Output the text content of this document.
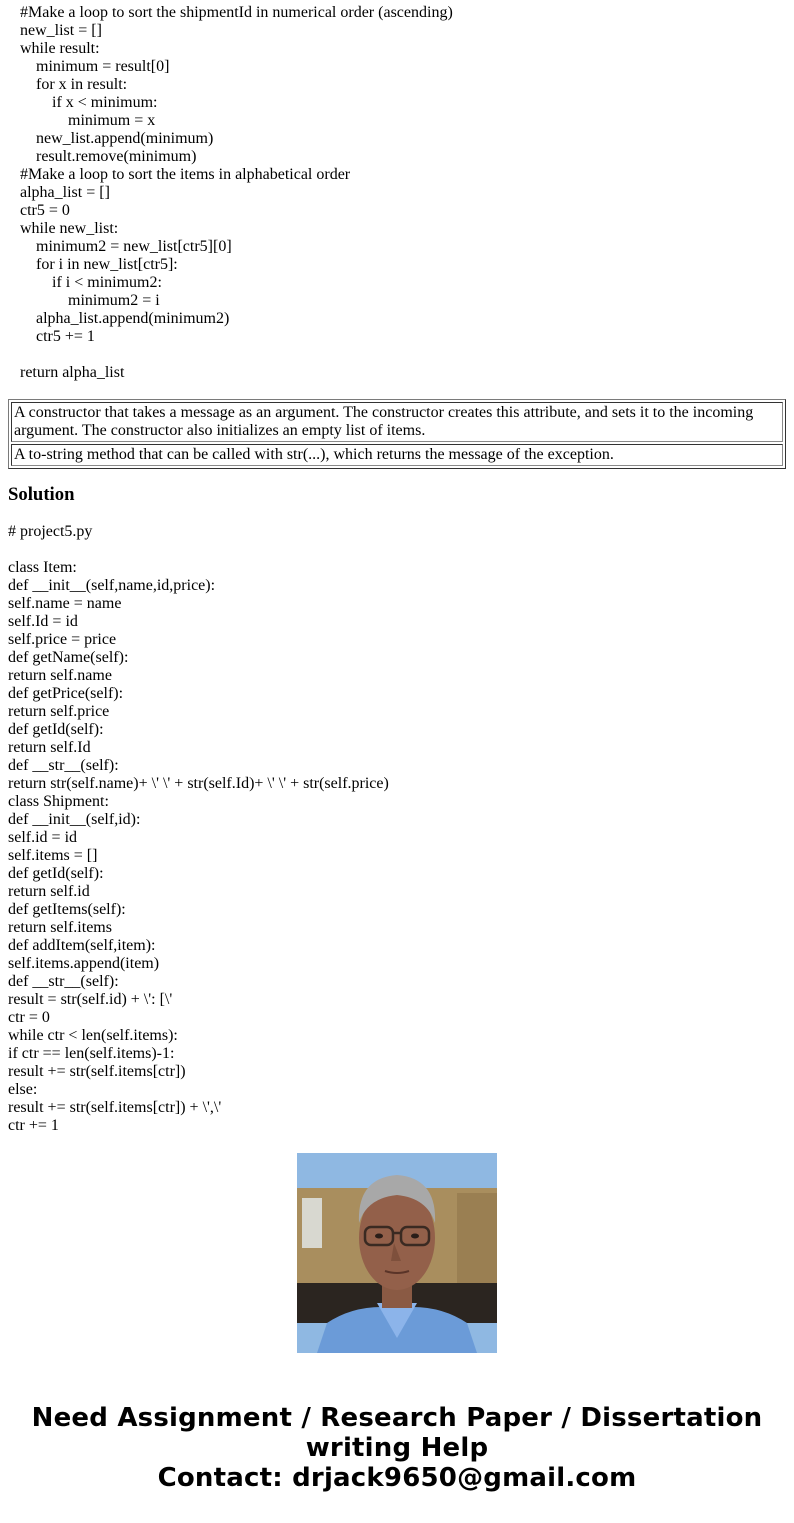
#Make a loop to sort the shipmentId in numerical order (ascending)
new_list = []
while result:
minimum = result[0]
for x in result:
if x < minimum:
minimum = x
new_list.append(minimum)
result.remove(minimum)
#Make a loop to sort the items in alphabetical order
alpha_list = []
ctr5 = 0
while new_list:
minimum2 = new_list[ctr5][0]
for i in new_list[ctr5]:
if i < minimum2:
minimum2 = i
alpha_list.append(minimum2)
ctr5 += 1
return alpha_list
A constructor that takes a message as an argument. The constructor creates this attribute, and sets it to the incoming argument. The constructor also initializes an empty list of items.
A to-string method that can be called with str(...), which returns the message of the exception.
Solution
# project5.py
class Item:
def __init__(self,name,id,price):
self.name = name
self.Id = id
self.price = price
def getName(self):
return self.name
def getPrice(self):
return self.price
def getId(self):
return self.Id
def __str__(self):
return str(self.name)+ \' \' + str(self.Id)+ \' \' + str(self.price)
class Shipment:
def __init__(self,id):
self.id = id
self.items = []
def getId(self):
return self.id
def getItems(self):
return self.items
def addItem(self,item):
self.items.append(item)
def __str__(self):
result = str(self.id) + \': [\'
ctr = 0
while ctr < len(self.items):
if ctr == len(self.items)-1:
result += str(self.items[ctr])
else:
result += str(self.items[ctr]) + \',\'
ctr += 1
Need Assignment / Research Paper / Dissertation
writing Help
Contact: drjack9650@gmail.com
